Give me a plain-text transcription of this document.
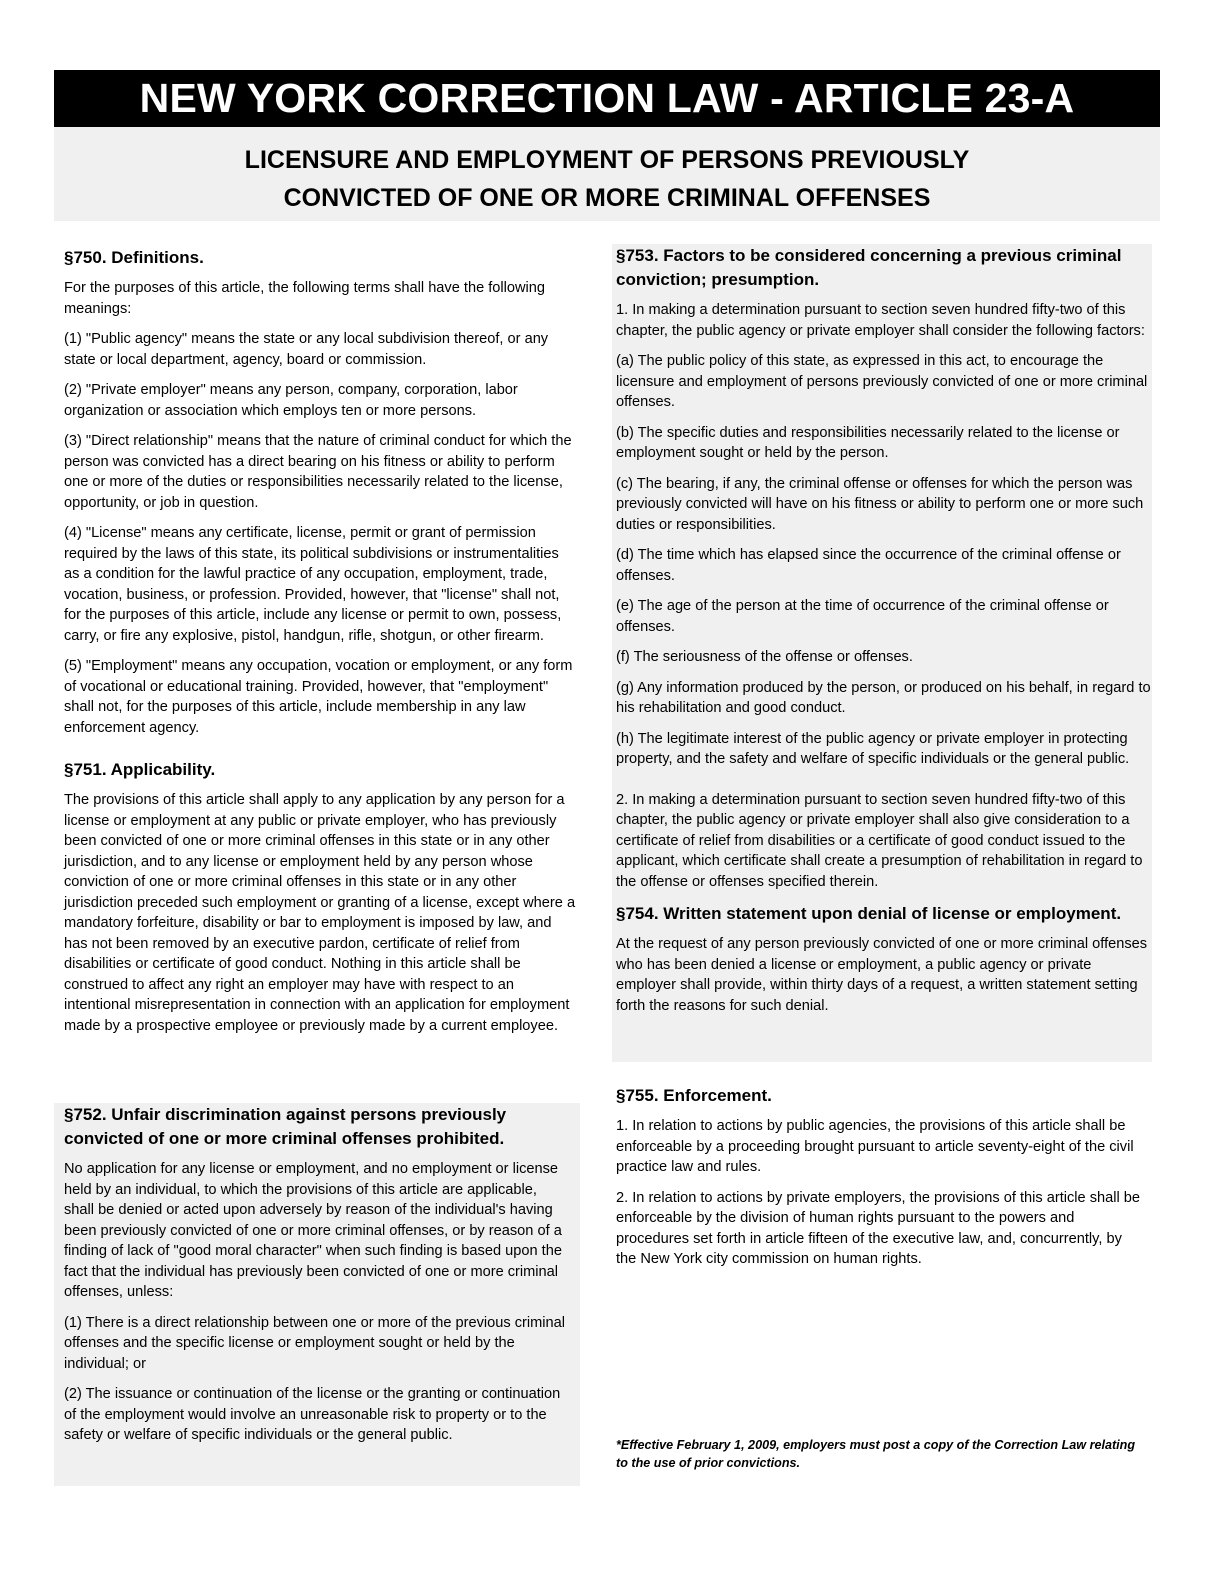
NEW YORK CORRECTION LAW - ARTICLE 23-A
LICENSURE AND EMPLOYMENT OF PERSONS PREVIOUSLY
CONVICTED OF ONE OR MORE CRIMINAL OFFENSES
§750. Definitions.

For the purposes of this article, the following terms shall have the following meanings:

(1) "Public agency" means the state or any local subdivision thereof, or any state or local department, agency, board or commission.

(2) "Private employer" means any person, company, corporation, labor organization or association which employs ten or more persons.

(3) "Direct relationship" means that the nature of criminal conduct for which the person was convicted has a direct bearing on his fitness or ability to perform one or more of the duties or responsibilities necessarily related to the license, opportunity, or job in question.

(4) "License" means any certificate, license, permit or grant of permission required by the laws of this state, its political subdivisions or instrumentalities as a condition for the lawful practice of any occupation, employment, trade, vocation, business, or profession. Provided, however, that "license" shall not, for the purposes of this article, include any license or permit to own, possess, carry, or fire any explosive, pistol, handgun, rifle, shotgun, or other firearm.

(5) "Employment" means any occupation, vocation or employment, or any form of vocational or educational training. Provided, however, that "employment" shall not, for the purposes of this article, include membership in any law enforcement agency.

§751. Applicability.

The provisions of this article shall apply to any application by any person for a license or employment at any public or private employer, who has previously been convicted of one or more criminal offenses in this state or in any other jurisdiction, and to any license or employment held by any person whose conviction of one or more criminal offenses in this state or in any other jurisdiction preceded such employment or granting of a license, except where a mandatory forfeiture, disability or bar to employment is imposed by law, and has not been removed by an executive pardon, certificate of relief from disabilities or certificate of good conduct. Nothing in this article shall be construed to affect any right an employer may have with respect to an intentional misrepresentation in connection with an application for employment made by a prospective employee or previously made by a current employee.

§752. Unfair discrimination against persons previously convicted of one or more criminal offenses prohibited.

No application for any license or employment, and no employment or license held by an individual, to which the provisions of this article are applicable, shall be denied or acted upon adversely by reason of the individual's having been previously convicted of one or more criminal offenses, or by reason of a finding of lack of "good moral character" when such finding is based upon the fact that the individual has previously been convicted of one or more criminal offenses, unless:

(1) There is a direct relationship between one or more of the previous criminal offenses and the specific license or employment sought or held by the individual; or

(2) The issuance or continuation of the license or the granting or continuation of the employment would involve an unreasonable risk to property or to the safety or welfare of specific individuals or the general public.

§753. Factors to be considered concerning a previous criminal conviction; presumption.

1. In making a determination pursuant to section seven hundred fifty-two of this chapter, the public agency or private employer shall consider the following factors:

(a) The public policy of this state, as expressed in this act, to encourage the licensure and employment of persons previously convicted of one or more criminal offenses.

(b) The specific duties and responsibilities necessarily related to the license or employment sought or held by the person.

(c) The bearing, if any, the criminal offense or offenses for which the person was previously convicted will have on his fitness or ability to perform one or more such duties or responsibilities.

(d) The time which has elapsed since the occurrence of the criminal offense or offenses.

(e) The age of the person at the time of occurrence of the criminal offense or offenses.

(f) The seriousness of the offense or offenses.

(g) Any information produced by the person, or produced on his behalf, in regard to his rehabilitation and good conduct.

(h) The legitimate interest of the public agency or private employer in protecting property, and the safety and welfare of specific individuals or the general public.

2. In making a determination pursuant to section seven hundred fifty-two of this chapter, the public agency or private employer shall also give consideration to a certificate of relief from disabilities or a certificate of good conduct issued to the applicant, which certificate shall create a presumption of rehabilitation in regard to the offense or offenses specified therein.

§754. Written statement upon denial of license or employment.

At the request of any person previously convicted of one or more criminal offenses who has been denied a license or employment, a public agency or private employer shall provide, within thirty days of a request, a written statement setting forth the reasons for such denial.

§755. Enforcement.

1. In relation to actions by public agencies, the provisions of this article shall be enforceable by a proceeding brought pursuant to article seventy-eight of the civil practice law and rules.

2. In relation to actions by private employers, the provisions of this article shall be enforceable by the division of human rights pursuant to the powers and procedures set forth in article fifteen of the executive law, and, concurrently, by the New York city commission on human rights.

*Effective February 1, 2009, employers must post a copy of the Correction Law relating to the use of prior convictions.
